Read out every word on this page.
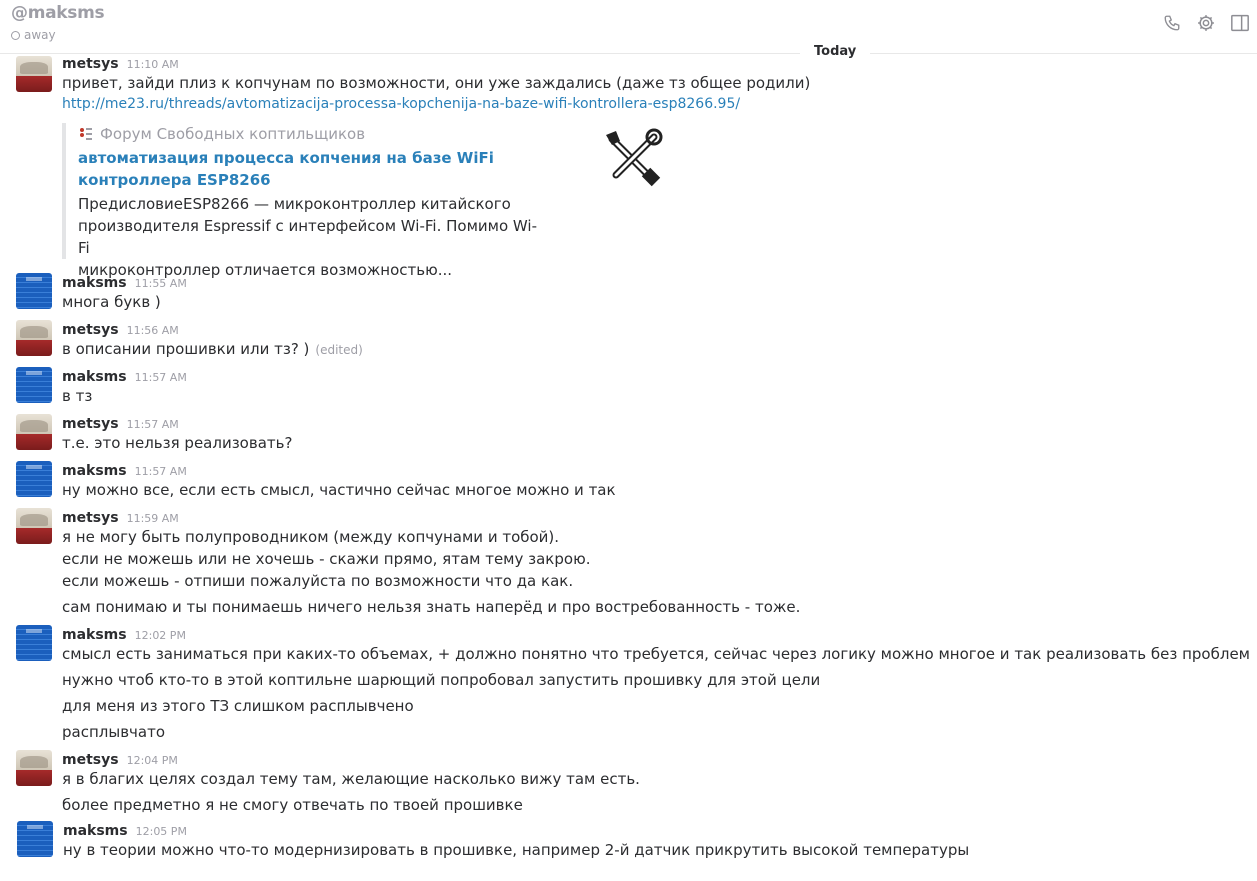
@maksms
away
Today
metsys 11:10 AM
привет, зайди плиз к копчунам по возможности, они уже заждались (даже тз общее родили)
http://me23.ru/threads/avtomatizacija-processa-kopchenija-na-baze-wifi-kontrollera-esp8266.95/
Форум Свободных коптильщиков
автоматизация процесса копчения на базе WiFi
контроллера ESP8266
ПредисловиеESP8266 — микроконтроллер китайского
производителя Espressif с интерфейсом Wi-Fi. Помимо Wi-Fi
микроконтроллер отличается возможностью...
maksms 11:55 AM
многа букв )
metsys 11:56 AM
в описании прошивки или тз? ) (edited)
maksms 11:57 AM
в тз
metsys 11:57 AM
т.е. это нельзя реализовать?
maksms 11:57 AM
ну можно все, если есть смысл, частично сейчас многое можно и так
metsys 11:59 AM
я не могу быть полупроводником (между копчунами и тобой).
если не можешь или не хочешь - скажи прямо, ятам тему закрою.
если можешь - отпиши пожалуйста по возможности что да как.
сам понимаю и ты понимаешь ничего нельзя знать наперёд и про востребованность - тоже.
maksms 12:02 PM
смысл есть заниматься при каких-то объемах, + должно понятно что требуется, сейчас через логику можно многое и так реализовать без проблем
нужно чтоб кто-то в этой коптильне шарющий попробовал запустить прошивку для этой цели
для меня из этого ТЗ слишком расплывчено
расплывчато
metsys 12:04 PM
я в благих целях создал тему там, желающие насколько вижу там есть.
более предметно я не смогу отвечать по твоей прошивке
maksms 12:05 PM
ну в теории можно что-то модернизировать в прошивке, например 2-й датчик прикрутить высокой температуры
